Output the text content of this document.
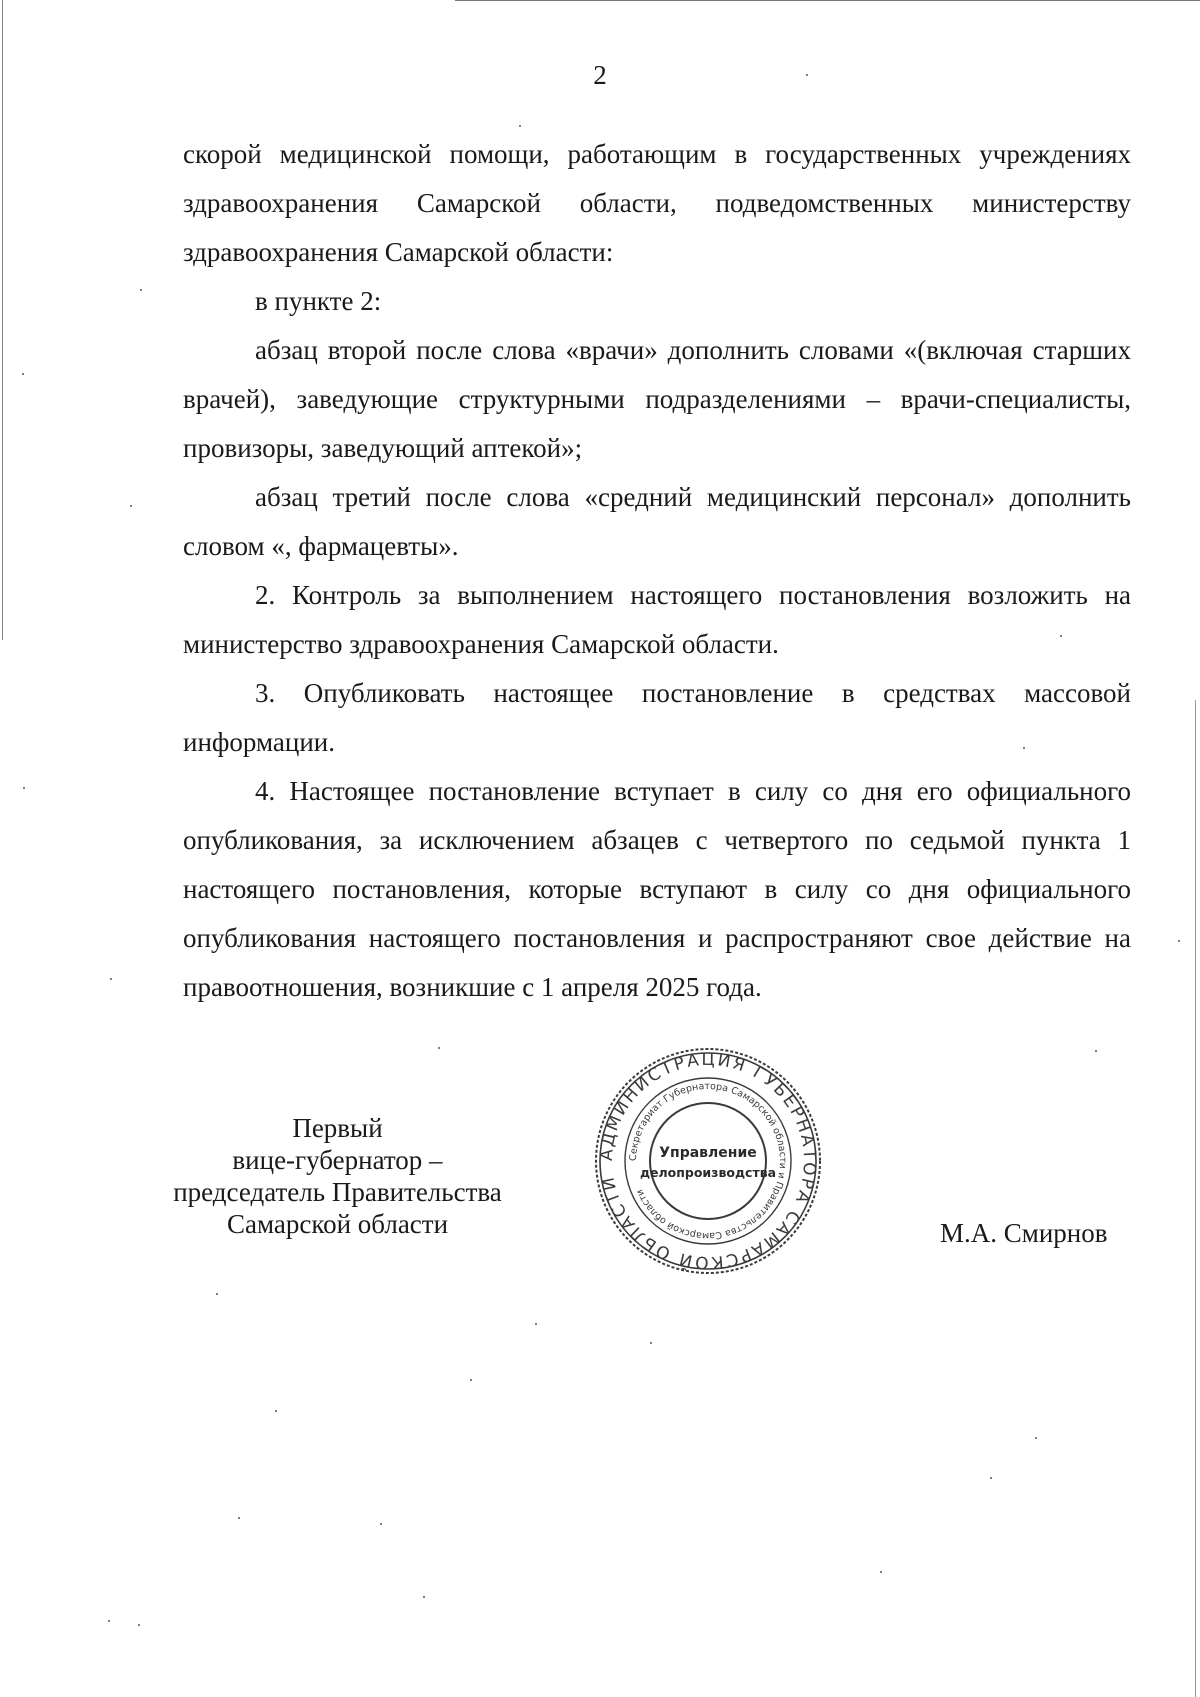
2

скорой медицинской помощи, работающим в государственных учреждениях здравоохранения Самарской области, подведомственных министерству здравоохранения Самарской области:

в пункте 2:

абзац второй после слова «врачи» дополнить словами «(включая старших врачей), заведующие структурными подразделениями – врачи-специалисты, провизоры, заведующий аптекой»;

абзац третий после слова «средний медицинский персонал» дополнить словом «, фармацевты».

2. Контроль за выполнением настоящего постановления возложить на министерство здравоохранения Самарской области.

3. Опубликовать настоящее постановление в средствах массовой информации.

4. Настоящее постановление вступает в силу со дня его официального опубликования, за исключением абзацев с четвертого по седьмой пункта 1 настоящего постановления, которые вступают в силу со дня официального опубликования настоящего постановления и распространяют свое действие на правоотношения, возникшие с 1 апреля 2025 года.

Первый
вице-губернатор –
председатель Правительства
Самарской области
АДМИНИСТРАЦИЯ ГУБЕРНАТОРА САМАРСКОЙ ОБЛАСТИ
Секретариат Губернатора Самарской области и Правительства Самарской области
Управление
делопроизводства
М.А. Смирнов
